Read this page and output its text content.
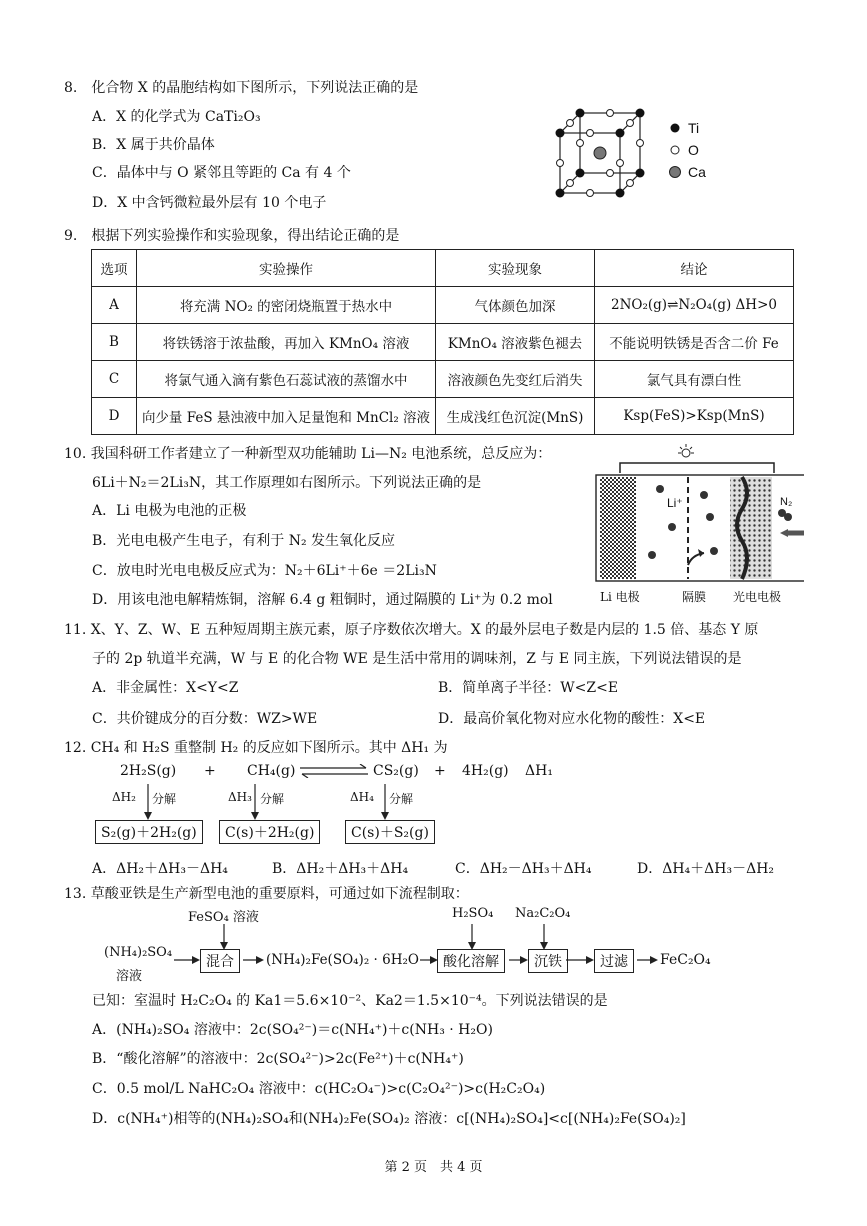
8.　化合物 X 的晶胞结构如下图所示，下列说法正确的是
A．X 的化学式为 CaTi₂O₃
B．X 属于共价晶体
C．晶体中与 O 紧邻且等距的 Ca 有 4 个
D．X 中含钙微粒最外层有 10 个电子
Ti
O
Ca
9.　根据下列实验操作和实验现象，得出结论正确的是
选项	实验操作	实验现象	结论
A	将充满 NO₂ 的密闭烧瓶置于热水中	气体颜色加深	2NO₂(g)⇌N₂O₄(g) ΔH>0
B	将铁锈溶于浓盐酸，再加入 KMnO₄ 溶液	KMnO₄ 溶液紫色褪去	不能说明铁锈是否含二价 Fe
C	将氯气通入滴有紫色石蕊试液的蒸馏水中	溶液颜色先变红后消失	氯气具有漂白性
D	向少量 FeS 悬浊液中加入足量饱和 MnCl₂ 溶液	生成浅红色沉淀(MnS)	Ksp(FeS)>Ksp(MnS)
10. 我国科研工作者建立了一种新型双功能辅助 Li—N₂ 电池系统，总反应为：
6Li＋N₂＝2Li₃N，其工作原理如右图所示。下列说法正确的是
A．Li 电极为电池的正极
B．光电电极产生电子，有利于 N₂ 发生氧化反应
C．放电时光电电极反应式为：N₂＋6Li⁺＋6e ＝2Li₃N
D．用该电池电解精炼铜，溶解 6.4 g 粗铜时，通过隔膜的 Li⁺为 0.2 mol
Li⁺	N₂
Li 电极	隔膜 光电电极
11. X、Y、Z、W、E 五种短周期主族元素，原子序数依次增大。X 的最外层电子数是内层的 1.5 倍、基态 Y 原
子的 2p 轨道半充满，W 与 E 的化合物 WE 是生活中常用的调味剂，Z 与 E 同主族，下列说法错误的是
A．非金属性：X<Y<Z	B．简单离子半径：W<Z<E
C．共价键成分的百分数：WZ>WE	D．最高价氧化物对应水化物的酸性：X<E
12. CH₄ 和 H₂S 重整制 H₂ 的反应如下图所示。其中 ΔH₁ 为
2H₂S(g) + CH₄(g)	CS₂(g) + 4H₂(g) ΔH₁
ΔH₂ 分解	ΔH₃ 分解	ΔH₄ 分解
S₂(g)＋2H₂(g)	C(s)＋2H₂(g)	C(s)＋S₂(g)
A．ΔH₂＋ΔH₃－ΔH₄	B．ΔH₂＋ΔH₃＋ΔH₄	C．ΔH₂－ΔH₃＋ΔH₄	D．ΔH₄＋ΔH₃－ΔH₂
13. 草酸亚铁是生产新型电池的重要原料，可通过如下流程制取：
FeSO₄ 溶液	H₂SO₄ Na₂C₂O₄
(NH₄)₂SO₄
溶液
混合	(NH₄)₂Fe(SO₄)₂ · 6H₂O	酸化溶解	沉铁	过滤	FeC₂O₄
已知：室温时 H₂C₂O₄ 的 Ka1＝5.6×10⁻²、Ka2＝1.5×10⁻⁴。下列说法错误的是
A．(NH₄)₂SO₄ 溶液中：2c(SO₄²⁻)＝c(NH₄⁺)＋c(NH₃ · H₂O)
B．“酸化溶解”的溶液中：2c(SO₄²⁻)>2c(Fe²⁺)＋c(NH₄⁺)
C．0.5 mol/L NaHC₂O₄ 溶液中：c(HC₂O₄⁻)>c(C₂O₄²⁻)>c(H₂C₂O₄)
D．c(NH₄⁺)相等的(NH₄)₂SO₄和(NH₄)₂Fe(SO₄)₂ 溶液：c[(NH₄)₂SO₄]<c[(NH₄)₂Fe(SO₄)₂]
第 2 页　共 4 页
